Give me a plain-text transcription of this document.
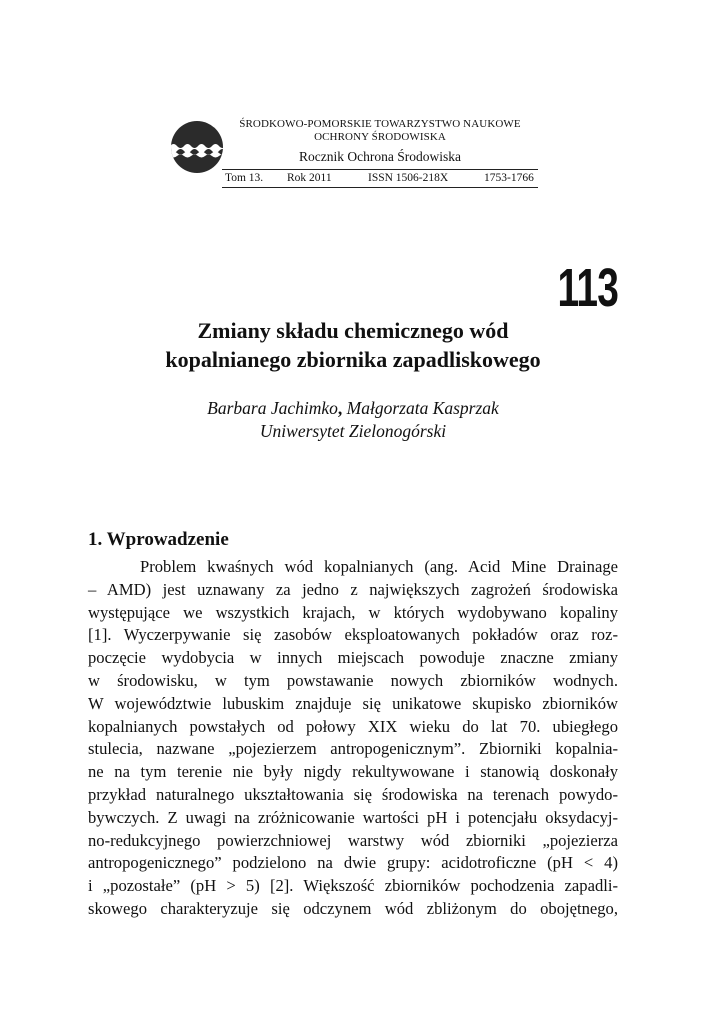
ŚRODKOWO-POMORSKIE TOWARZYSTWO NAUKOWE
OCHRONY ŚRODOWISKA
Rocznik Ochrona Środowiska
Tom 13. Rok 2011	ISSN 1506-218X	1753-1766
113
Zmiany składu chemicznego wód
kopalnianego zbiornika zapadliskowego
Barbara Jachimko, Małgorzata Kasprzak
Uniwersytet Zielonogórski
1. Wprowadzenie
Problem kwaśnych wód kopalnianych (ang. Acid Mine Drainage
– AMD) jest uznawany za jedno z największych zagrożeń środowiska
występujące we wszystkich krajach, w których wydobywano kopaliny
[1]. Wyczerpywanie się zasobów eksploatowanych pokładów oraz roz-
poczęcie wydobycia w innych miejscach powoduje znaczne zmiany
w środowisku, w tym powstawanie nowych zbiorników wodnych.
W województwie lubuskim znajduje się unikatowe skupisko zbiorników
kopalnianych powstałych od połowy XIX wieku do lat 70. ubiegłego
stulecia, nazwane „pojezierzem antropogenicznym”. Zbiorniki kopalnia-
ne na tym terenie nie były nigdy rekultywowane i stanowią doskonały
przykład naturalnego ukształtowania się środowiska na terenach powydo-
bywczych. Z uwagi na zróżnicowanie wartości pH i potencjału oksydacyj-
no-redukcyjnego powierzchniowej warstwy wód zbiorniki „pojezierza
antropogenicznego” podzielono na dwie grupy: acidotroficzne (pH < 4)
i „pozostałe” (pH > 5) [2]. Większość zbiorników pochodzenia zapadli-
skowego charakteryzuje się odczynem wód zbliżonym do obojętnego,
